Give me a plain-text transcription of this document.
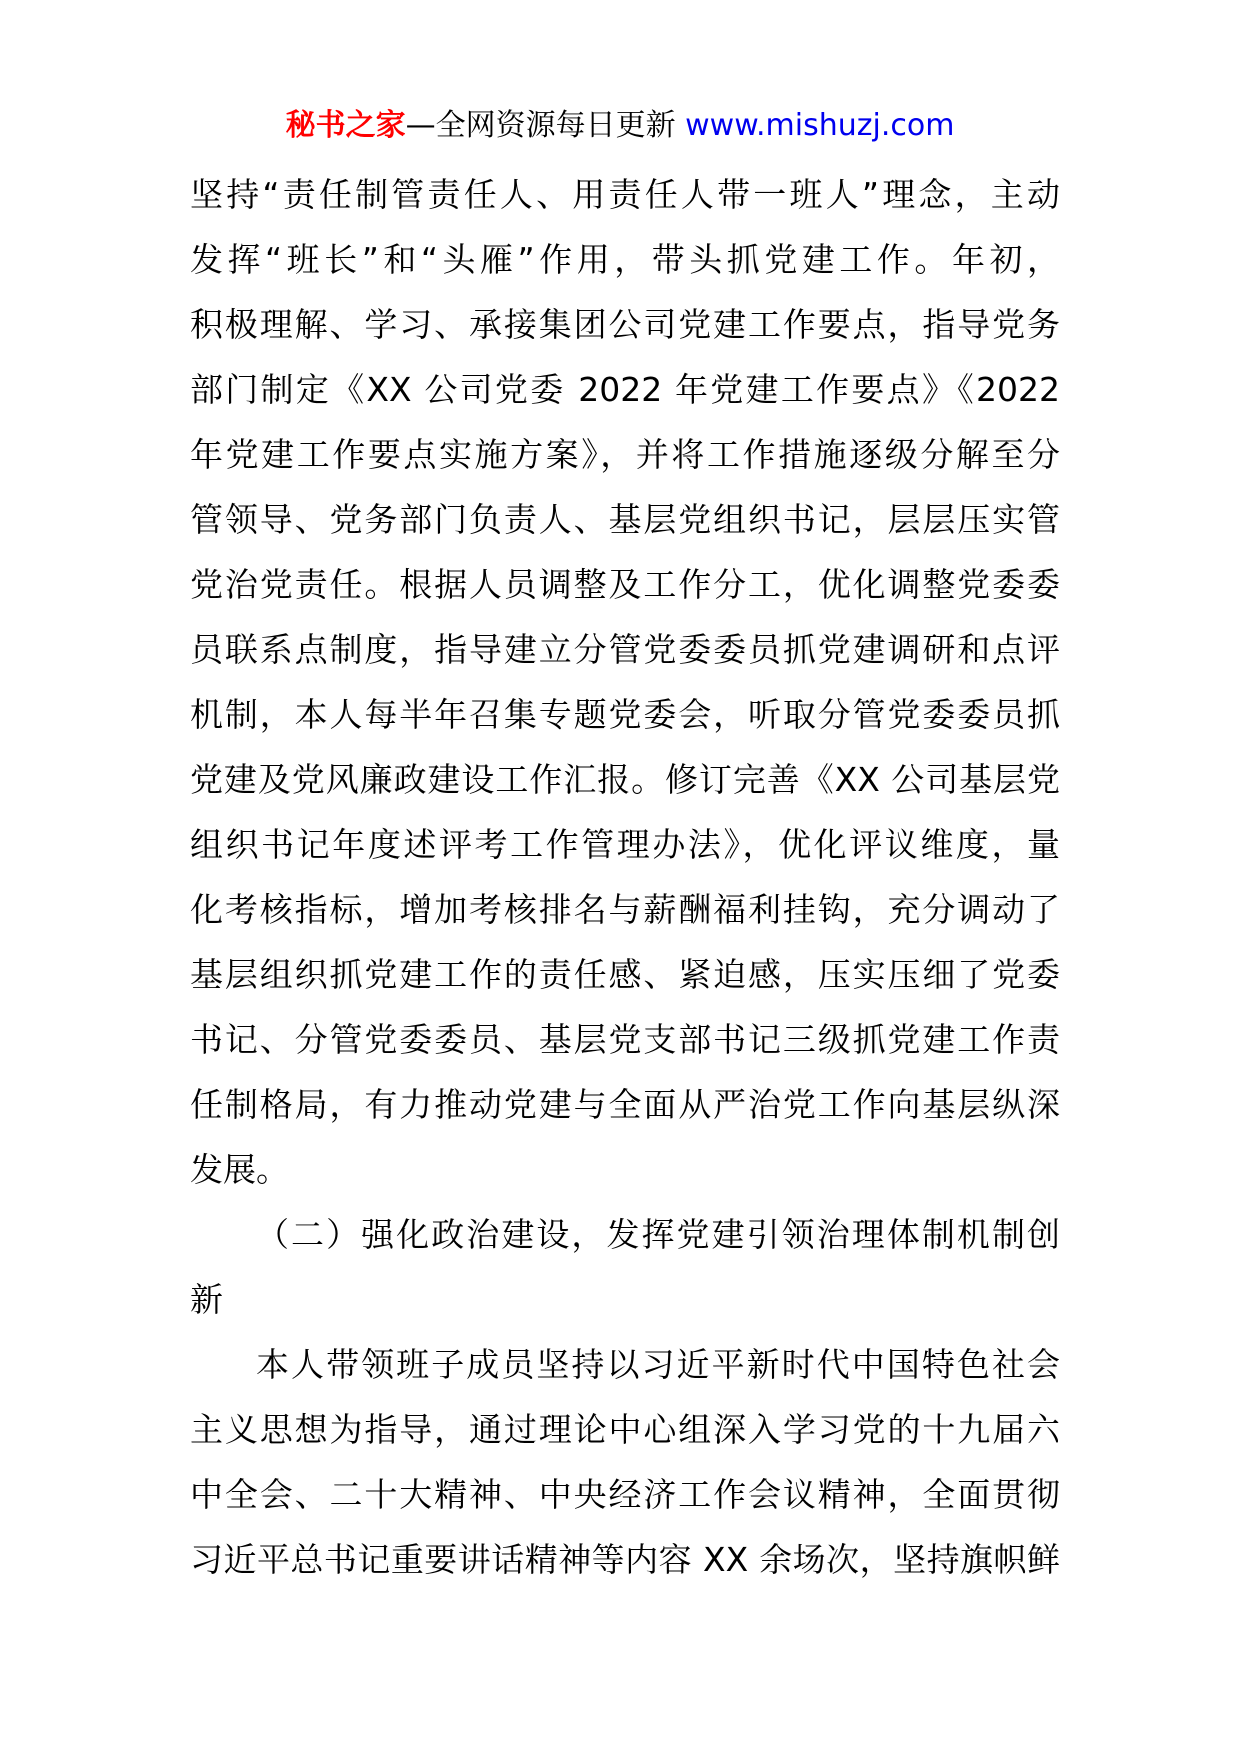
秘书之家—全网资源每日更新 www.mishuzj.com
坚持“责任制管责任人、用责任人带一班人”理念，主动
发挥“班长”和“头雁”作用，带头抓党建工作。年初，
积极理解、学习、承接集团公司党建工作要点，指导党务
部门制定《XX 公司党委 2022 年党建工作要点》《2022
年党建工作要点实施方案》，并将工作措施逐级分解至分
管领导、党务部门负责人、基层党组织书记，层层压实管
党治党责任。根据人员调整及工作分工，优化调整党委委
员联系点制度，指导建立分管党委委员抓党建调研和点评
机制，本人每半年召集专题党委会，听取分管党委委员抓
党建及党风廉政建设工作汇报。修订完善《XX 公司基层党
组织书记年度述评考工作管理办法》，优化评议维度，量
化考核指标，增加考核排名与薪酬福利挂钩，充分调动了
基层组织抓党建工作的责任感、紧迫感，压实压细了党委
书记、分管党委委员、基层党支部书记三级抓党建工作责
任制格局，有力推动党建与全面从严治党工作向基层纵深
发展。
（二）强化政治建设，发挥党建引领治理体制机制创
新
本人带领班子成员坚持以习近平新时代中国特色社会
主义思想为指导，通过理论中心组深入学习党的十九届六
中全会、二十大精神、中央经济工作会议精神，全面贯彻
习近平总书记重要讲话精神等内容 XX 余场次，坚持旗帜鲜
